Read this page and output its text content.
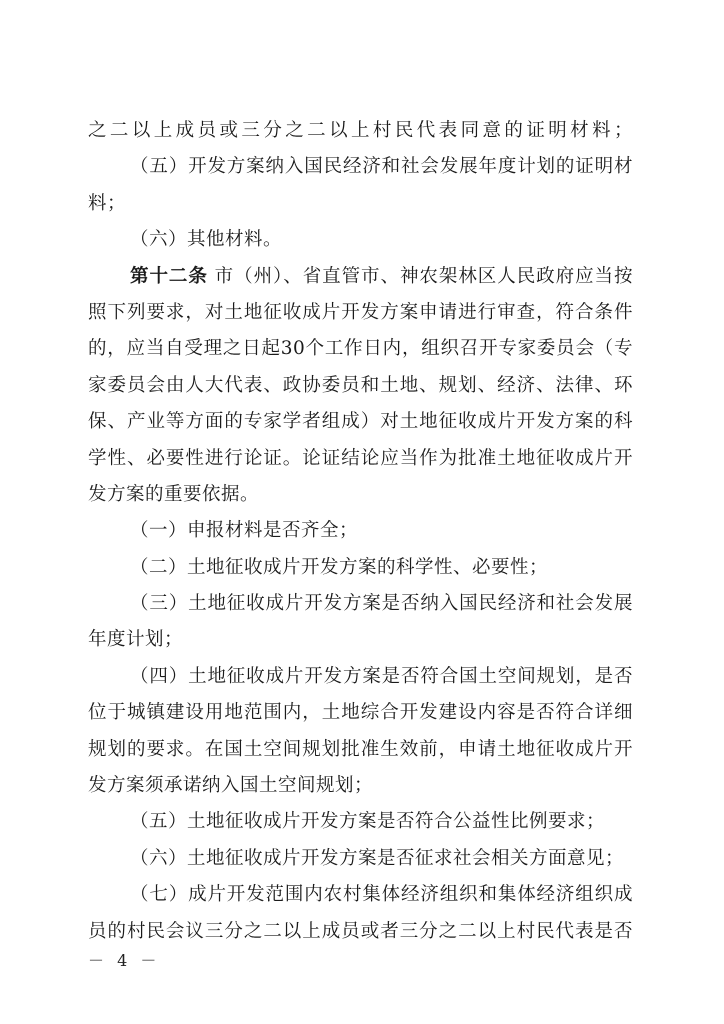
之二以上成员或三分之二以上村民代表同意的证明材料；
（五）开发方案纳入国民经济和社会发展年度计划的证明材
料；
（六）其他材料。
第十二条 市（州）、省直管市、神农架林区人民政府应当按
照下列要求，对土地征收成片开发方案申请进行审查，符合条件
的，应当自受理之日起30个工作日内，组织召开专家委员会（专
家委员会由人大代表、政协委员和土地、规划、经济、法律、环
保、产业等方面的专家学者组成）对土地征收成片开发方案的科
学性、必要性进行论证。论证结论应当作为批准土地征收成片开
发方案的重要依据。
（一）申报材料是否齐全；
（二）土地征收成片开发方案的科学性、必要性；
（三）土地征收成片开发方案是否纳入国民经济和社会发展
年度计划；
（四）土地征收成片开发方案是否符合国土空间规划，是否
位于城镇建设用地范围内，土地综合开发建设内容是否符合详细
规划的要求。在国土空间规划批准生效前，申请土地征收成片开
发方案须承诺纳入国土空间规划；
（五）土地征收成片开发方案是否符合公益性比例要求；
（六）土地征收成片开发方案是否征求社会相关方面意见；
（七）成片开发范围内农村集体经济组织和集体经济组织成
员的村民会议三分之二以上成员或者三分之二以上村民代表是否
－ 4 －
